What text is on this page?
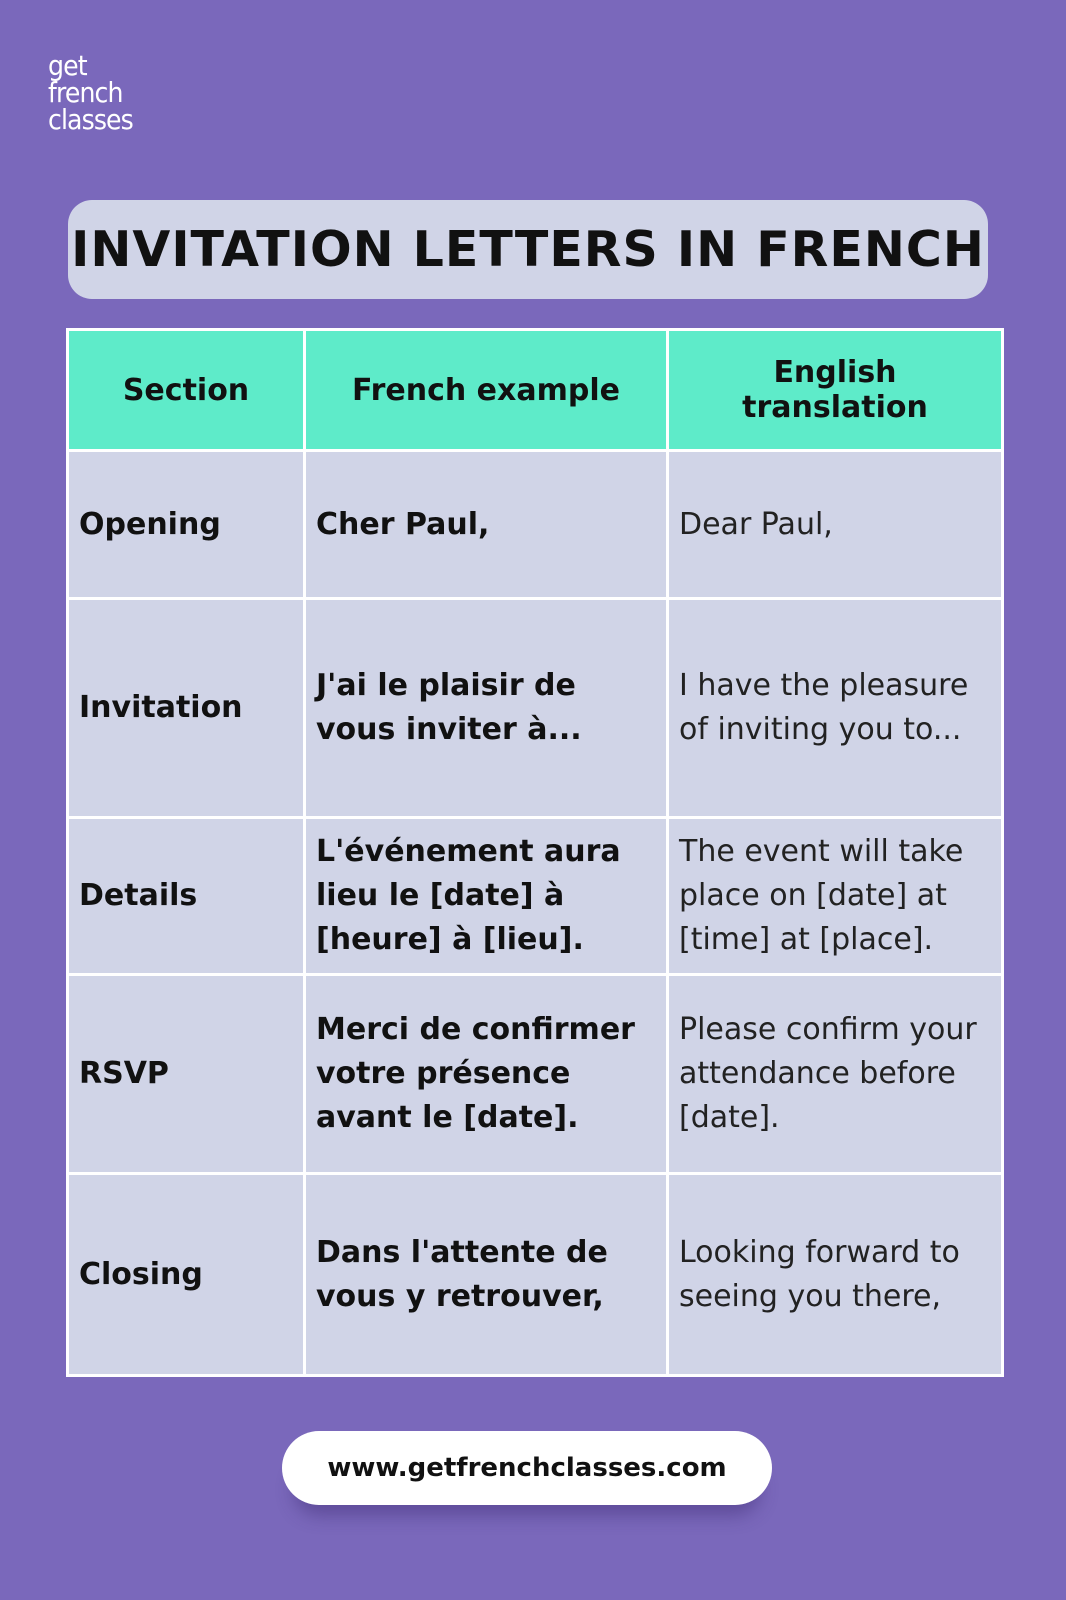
get
french
classes
INVITATION LETTERS IN FRENCH
Section	French example	English translation
Opening	Cher Paul,	Dear Paul,
Invitation	J'ai le plaisir de vous inviter à...	I have the pleasure of inviting you to...
Details	L'événement aura lieu le [date] à [heure] à [lieu].	The event will take place on [date] at [time] at [place].
RSVP	Merci de confirmer votre présence avant le [date].	Please confirm your attendance before [date].
Closing	Dans l'attente de vous y retrouver,	Looking forward to seeing you there,
www.getfrenchclasses.com
